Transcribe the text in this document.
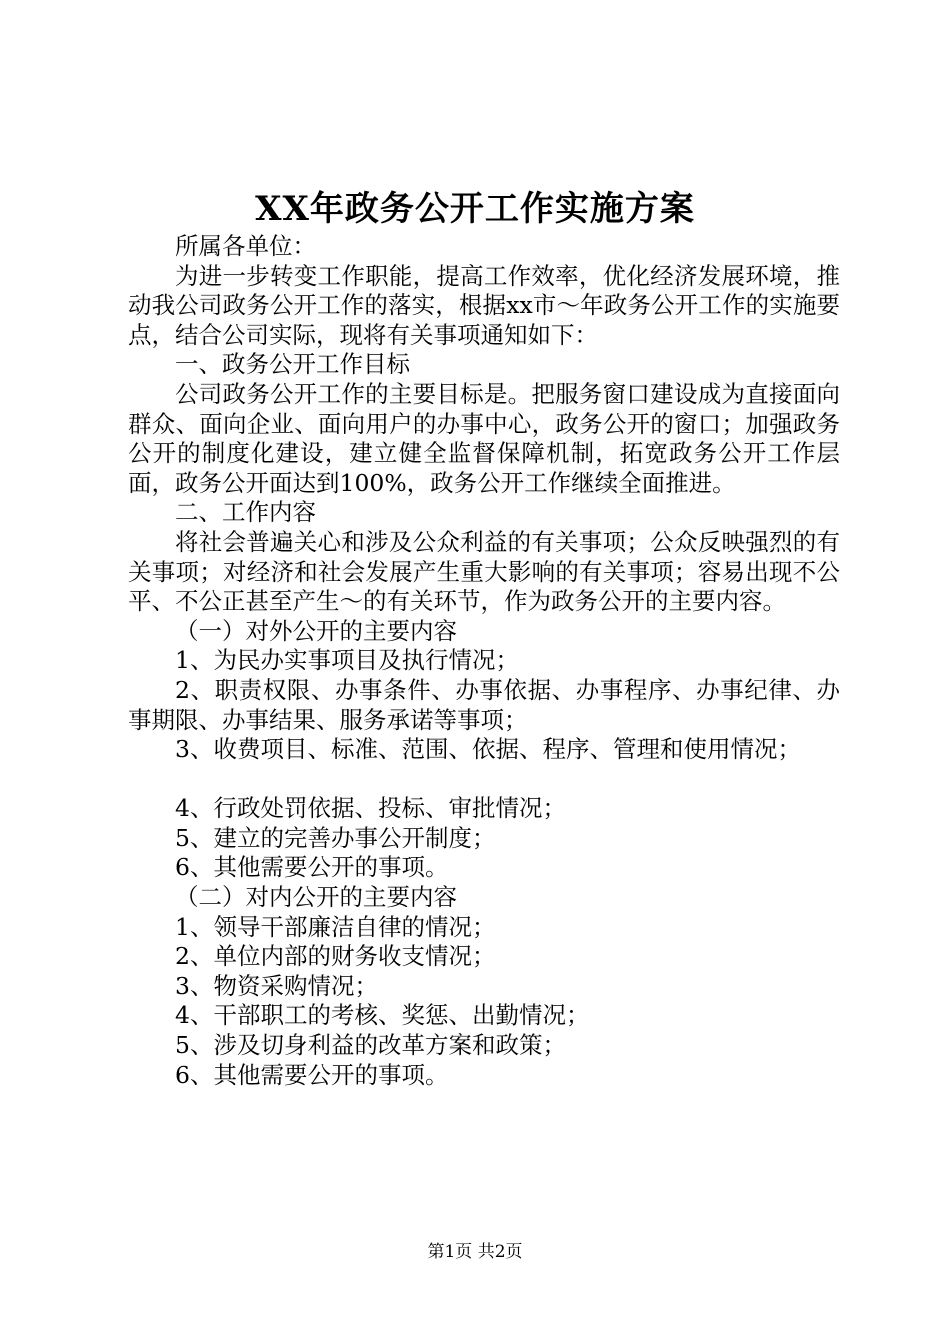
XX年政务公开工作实施方案

所属各单位：

为进一步转变工作职能，提高工作效率，优化经济发展环境，推动我公司政务公开工作的落实，根据xx市～年政务公开工作的实施要点，结合公司实际，现将有关事项通知如下：

一、政务公开工作目标

公司政务公开工作的主要目标是。把服务窗口建设成为直接面向群众、面向企业、面向用户的办事中心，政务公开的窗口；加强政务公开的制度化建设，建立健全监督保障机制，拓宽政务公开工作层面，政务公开面达到100%，政务公开工作继续全面推进。

二、工作内容

将社会普遍关心和涉及公众利益的有关事项；公众反映强烈的有关事项；对经济和社会发展产生重大影响的有关事项；容易出现不公平、不公正甚至产生～的有关环节，作为政务公开的主要内容。

（一）对外公开的主要内容

1、为民办实事项目及执行情况；

2、职责权限、办事条件、办事依据、办事程序、办事纪律、办事期限、办事结果、服务承诺等事项；

3、收费项目、标准、范围、依据、程序、管理和使用情况；

4、行政处罚依据、投标、审批情况；

5、建立的完善办事公开制度；

6、其他需要公开的事项。

（二）对内公开的主要内容

1、领导干部廉洁自律的情况；

2、单位内部的财务收支情况；

3、物资采购情况；

4、干部职工的考核、奖惩、出勤情况；

5、涉及切身利益的改革方案和政策；

6、其他需要公开的事项。

第1页 共2页
